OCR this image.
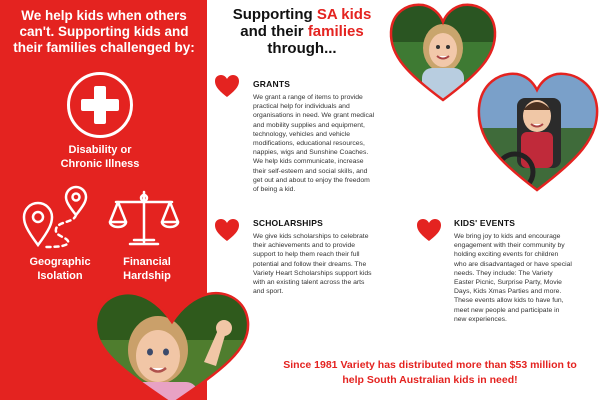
We help kids when others can't. Supporting kids and their families challenged by:
Disability or
Chronic Illness
Geographic
Isolation
Financial
Hardship
Supporting SA kids
and their families
through...
GRANTS
We grant a range of items to provide
practical help for individuals and
organisations in need. We grant medical
and mobility supplies and equipment,
technology, vehicles and vehicle
modifications, educational resources,
nappies, wigs and Sunshine Coaches.
We help kids communicate, increase
their self-esteem and social skills, and
get out and about to enjoy the freedom
of being a kid.
SCHOLARSHIPS
We give kids scholarships to celebrate
their achievements and to provide
support to help them reach their full
potential and follow their dreams. The
Variety Heart Scholarships support kids
with an existing talent across the arts
and sport.
KIDS' EVENTS
We bring joy to kids and encourage
engagement with their community by
holding exciting events for children
who are disadvantaged or have special
needs. They include: The Variety
Easter Picnic, Surprise Party, Movie
Days, Kids Xmas Parties and more.
These events allow kids to have fun,
meet new people and participate in
new experiences.
Since 1981 Variety has distributed more than $53 million to
help South Australian kids in need!
